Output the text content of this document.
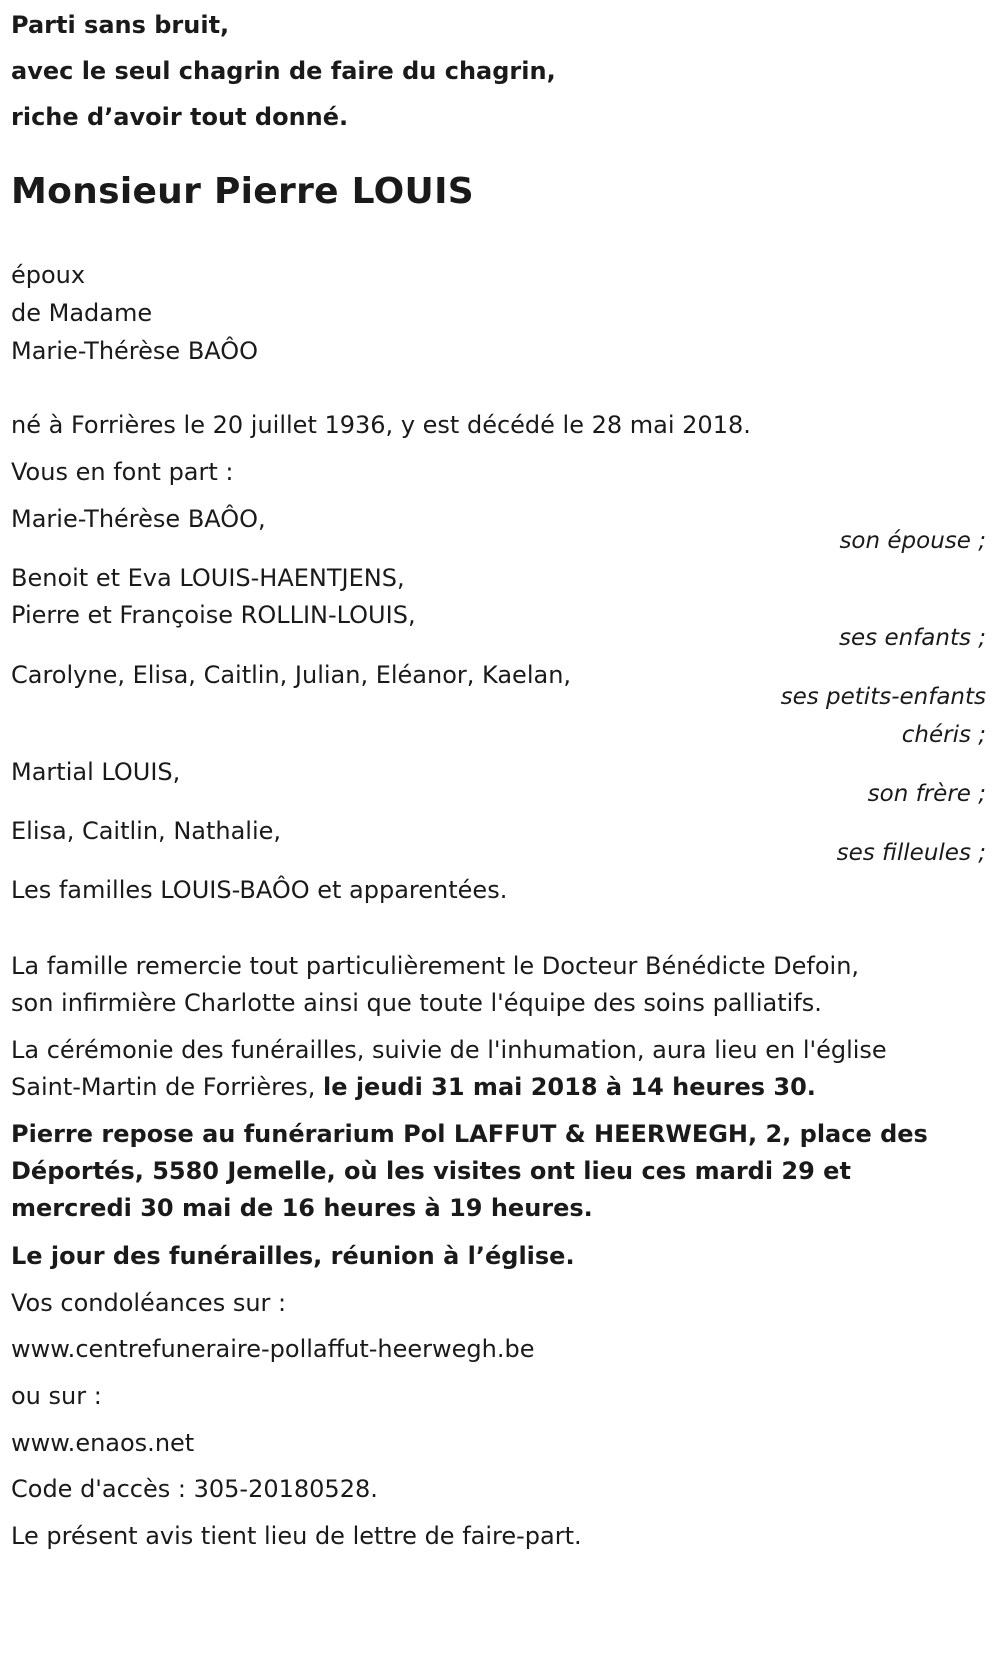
Parti sans bruit,
avec le seul chagrin de faire du chagrin,
riche d’avoir tout donné.
Monsieur Pierre LOUIS
époux
de Madame
Marie-Thérèse BAÔO
né à Forrières le 20 juillet 1936, y est décédé le 28 mai 2018.
Vous en font part :
Marie-Thérèse BAÔO,
son épouse ;
Benoit et Eva LOUIS-HAENTJENS,
Pierre et Françoise ROLLIN-LOUIS,
ses enfants ;
Carolyne, Elisa, Caitlin, Julian, Eléanor, Kaelan,
ses petits-enfants
chéris ;
Martial LOUIS,
son frère ;
Elisa, Caitlin, Nathalie,
ses filleules ;
Les familles LOUIS-BAÔO et apparentées.
La famille remercie tout particulièrement le Docteur Bénédicte Defoin,
son infirmière Charlotte ainsi que toute l'équipe des soins palliatifs.
La cérémonie des funérailles, suivie de l'inhumation, aura lieu en l'église
Saint-Martin de Forrières, le jeudi 31 mai 2018 à 14 heures 30.
Pierre repose au funérarium Pol LAFFUT & HEERWEGH, 2, place des
Déportés, 5580 Jemelle, où les visites ont lieu ces mardi 29 et
mercredi 30 mai de 16 heures à 19 heures.
Le jour des funérailles, réunion à l’église.
Vos condoléances sur :
www.centrefuneraire-pollaffut-heerwegh.be
ou sur :
www.enaos.net
Code d'accès : 305-20180528.
Le présent avis tient lieu de lettre de faire-part.
